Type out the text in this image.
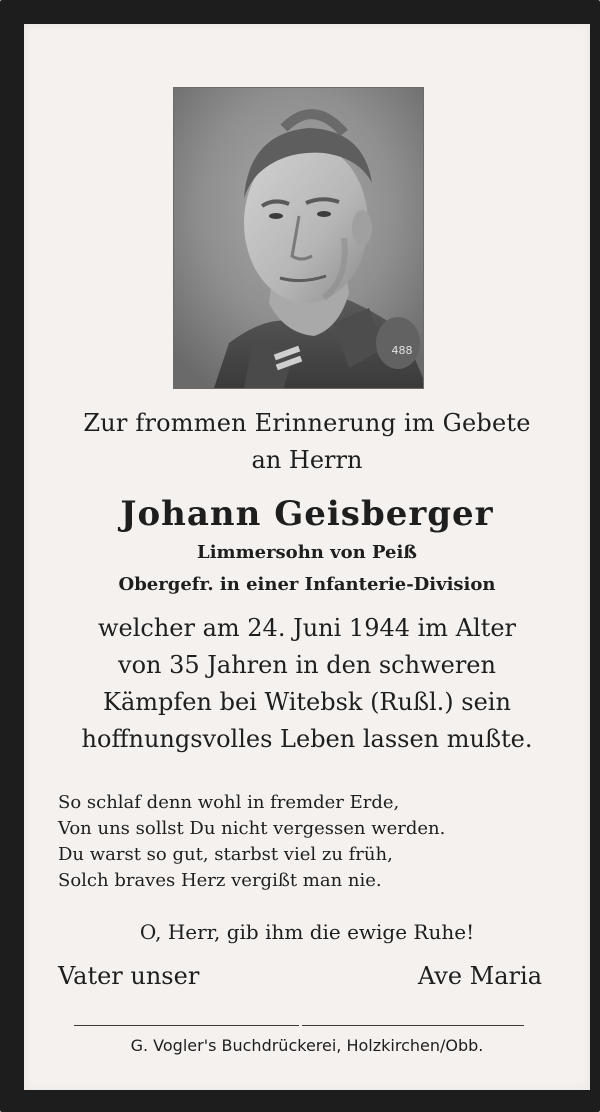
488
Zur frommen Erinnerung im Gebete
an Herrn
Johann Geisberger
Limmersohn von Peiß
Obergefr. in einer Infanterie-Division
welcher am 24. Juni 1944 im Alter
von 35 Jahren in den schweren
Kämpfen bei Witebsk (Rußl.) sein
hoffnungsvolles Leben lassen mußte.
So schlaf denn wohl in fremder Erde,
Von uns sollst Du nicht vergessen werden.
Du warst so gut, starbst viel zu früh,
Solch braves Herz vergißt man nie.
O, Herr, gib ihm die ewige Ruhe!
Vater unser	Ave Maria
G. Vogler's Buchdrückerei, Holzkirchen/Obb.
